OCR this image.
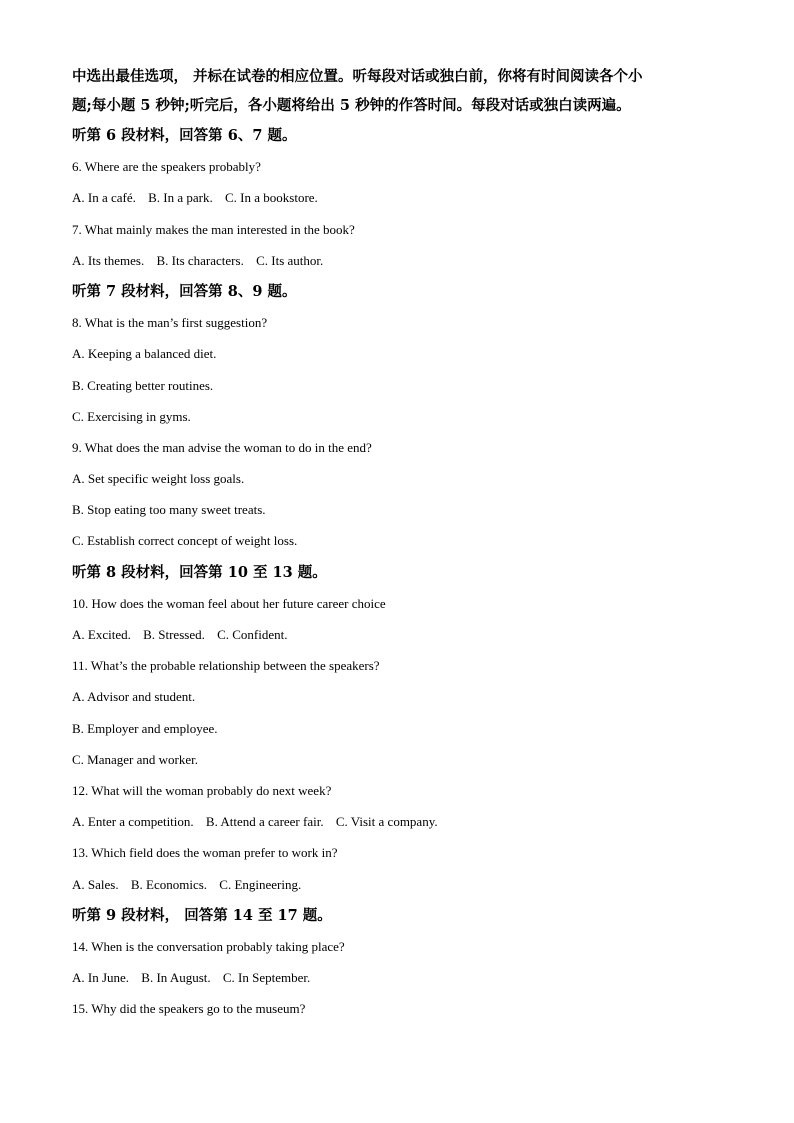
中选出最佳选项， 并标在试卷的相应位置。听每段对话或独白前，你将有时间阅读各个小
题;每小题 5 秒钟;听完后，各小题将给出 5 秒钟的作答时间。每段对话或独白读两遍。

听第 6 段材料，回答第 6、7 题。

6. Where are the speakers probably?

A. In a café. B. In a park. C. In a bookstore.

7. What mainly makes the man interested in the book?

A. Its themes. B. Its characters. C. Its author.

听第 7 段材料，回答第 8、9 题。

8. What is the man’s first suggestion?

A. Keeping a balanced diet.

B. Creating better routines.

C. Exercising in gyms.

9. What does the man advise the woman to do in the end?

A. Set specific weight loss goals.

B. Stop eating too many sweet treats.

C. Establish correct concept of weight loss.

听第 8 段材料，回答第 10 至 13 题。

10. How does the woman feel about her future career choice

A. Excited. B. Stressed. C. Confident.

11. What’s the probable relationship between the speakers?

A. Advisor and student.

B. Employer and employee.

C. Manager and worker.

12. What will the woman probably do next week?

A. Enter a competition. B. Attend a career fair. C. Visit a company.

13. Which field does the woman prefer to work in?

A. Sales. B. Economics. C. Engineering.

听第 9 段材料， 回答第 14 至 17 题。

14. When is the conversation probably taking place?

A. In June. B. In August. C. In September.

15. Why did the speakers go to the museum?
